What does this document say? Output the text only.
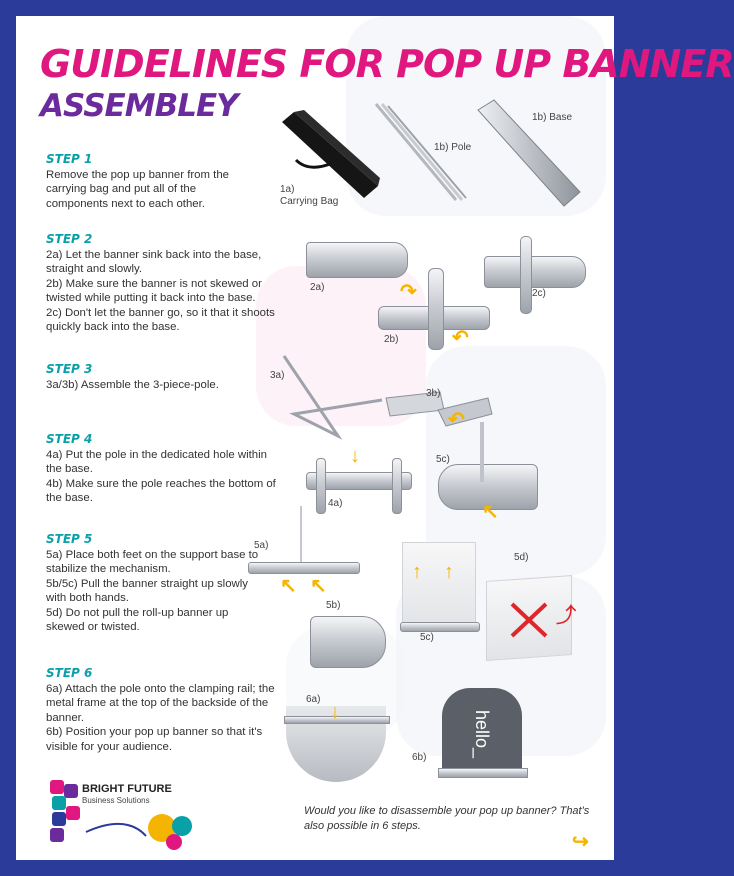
GUIDELINES FOR POP UP BANNER
ASSEMBLEY
STEP 1
Remove the pop up banner from the carrying bag and put all of the components next to each other.
1a)
Carrying Bag
1b) Pole
1b) Base
STEP 2
2a) Let the banner sink back into the base, straight and slowly.
2b) Make sure the banner is not skewed or twisted while putting it back into the base.
2c) Don't let the banner go, so it that it shoots quickly back into the base.
2a)	↷
↶
2b)
2c)
STEP 3
3a/3b) Assemble the 3-piece-pole.
3a)
↶
3b)
STEP 4
4a) Put the pole in the dedicated hole within the base.
4b) Make sure the pole reaches the bottom of the base.
↓
4a)	↖
5c)
STEP 5
5a) Place both feet on the support base to stabilize the mechanism.
5b/5c) Pull the banner straight up slowly with both hands.
5d) Do not pull the roll-up banner up skewed or twisted.
↖ ↖
5a)
5b)
↑ ↑
5c)
⤴
5d)
STEP 6
6a) Attach the pole onto the clamping rail; the metal frame at the top of the backside of the banner.
6b) Position your pop up banner so that it's visible for your audience.
↓
6a)
hello_
6b)
BRIGHT FUTURE
Business Solutions
Would you like to disassemble your pop up banner? That's also possible in 6 steps.
↪
